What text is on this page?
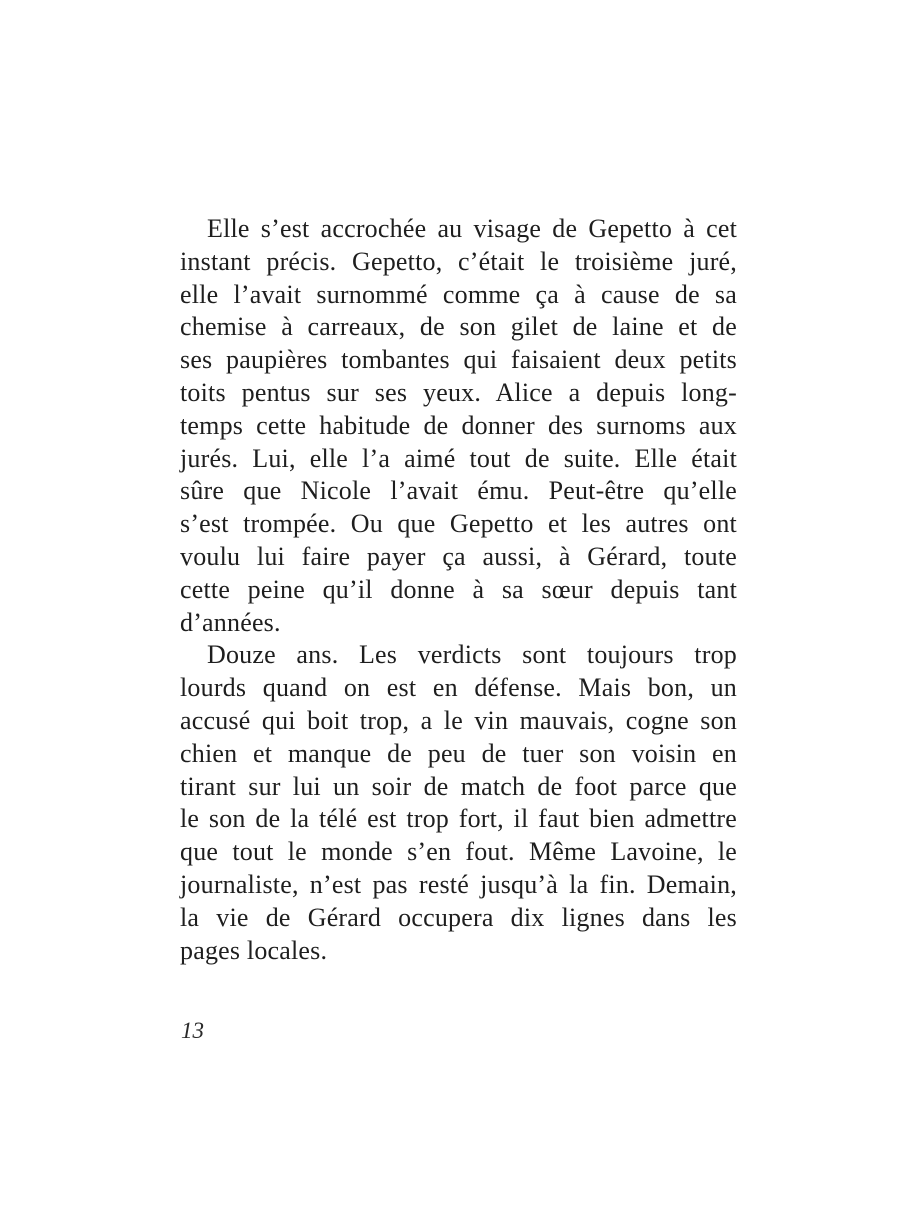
Elle s’est accrochée au visage de Gepetto à cet
instant précis. Gepetto, c’était le troisième juré,
elle l’avait surnommé comme ça à cause de sa
chemise à carreaux, de son gilet de laine et de
ses paupières tombantes qui faisaient deux petits
toits pentus sur ses yeux. Alice a depuis long-
temps cette habitude de donner des surnoms aux
jurés. Lui, elle l’a aimé tout de suite. Elle était
sûre que Nicole l’avait ému. Peut-être qu’elle
s’est trompée. Ou que Gepetto et les autres ont
voulu lui faire payer ça aussi, à Gérard, toute
cette peine qu’il donne à sa sœur depuis tant
d’années.
Douze ans. Les verdicts sont toujours trop
lourds quand on est en défense. Mais bon, un
accusé qui boit trop, a le vin mauvais, cogne son
chien et manque de peu de tuer son voisin en
tirant sur lui un soir de match de foot parce que
le son de la télé est trop fort, il faut bien admettre
que tout le monde s’en fout. Même Lavoine, le
journaliste, n’est pas resté jusqu’à la fin. Demain,
la vie de Gérard occupera dix lignes dans les
pages locales.
13
